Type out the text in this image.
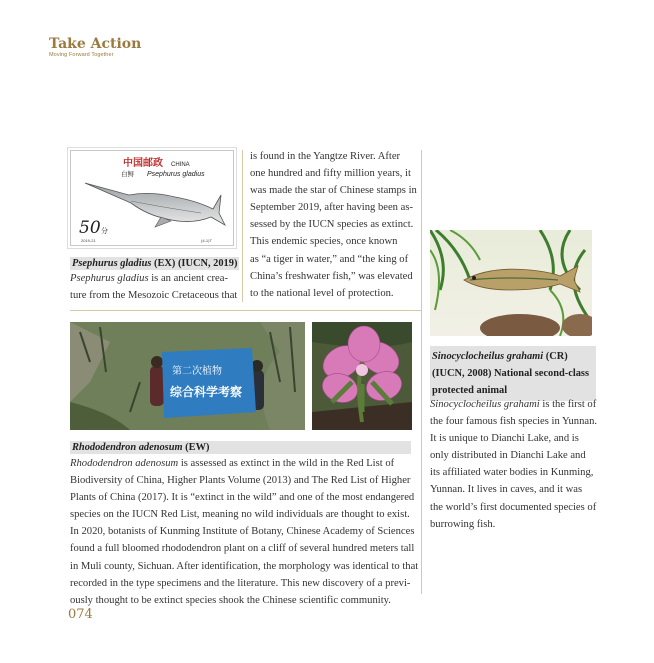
Take Action
Moving Forward Together
中国邮政 CHINA
白鲟 Psephurus gladius
50 分
2019-21	(4-1)T
Psephurus gladius (EX) (IUCN, 2019)
Psephurus gladius is an ancient crea-
ture from the Mesozoic Cretaceous that
is found in the Yangtze River. After
one hundred and fifty million years, it
was made the star of Chinese stamps in
September 2019, after having been as-
sessed by the IUCN species as extinct.
This endemic species, once known
as “a tiger in water,” and “the king of
China’s freshwater fish,” was elevated
to the national level of protection.
Sinocyclocheilus grahami (CR)
(IUCN, 2008) National second-class
protected animal
Sinocyclocheilus grahami is the first of
the four famous fish species in Yunnan.
It is unique to Dianchi Lake, and is
only distributed in Dianchi Lake and
its affiliated water bodies in Kunming,
Yunnan. It lives in caves, and it was
the world’s first documented species of
burrowing fish.
第二次植物
综合科学考察
Rhododendron adenosum (EW)
Rhododendron adenosum is assessed as extinct in the wild in the Red List of
Biodiversity of China, Higher Plants Volume (2013) and The Red List of Higher
Plants of China (2017). It is “extinct in the wild” and one of the most endangered
species on the IUCN Red List, meaning no wild individuals are thought to exist.
In 2020, botanists of Kunming Institute of Botany, Chinese Academy of Sciences
found a full bloomed rhododendron plant on a cliff of several hundred meters tall
in Muli county, Sichuan. After identification, the morphology was identical to that
recorded in the type specimens and the literature. This new discovery of a previ-
ously thought to be extinct species shook the Chinese scientific community.
074
